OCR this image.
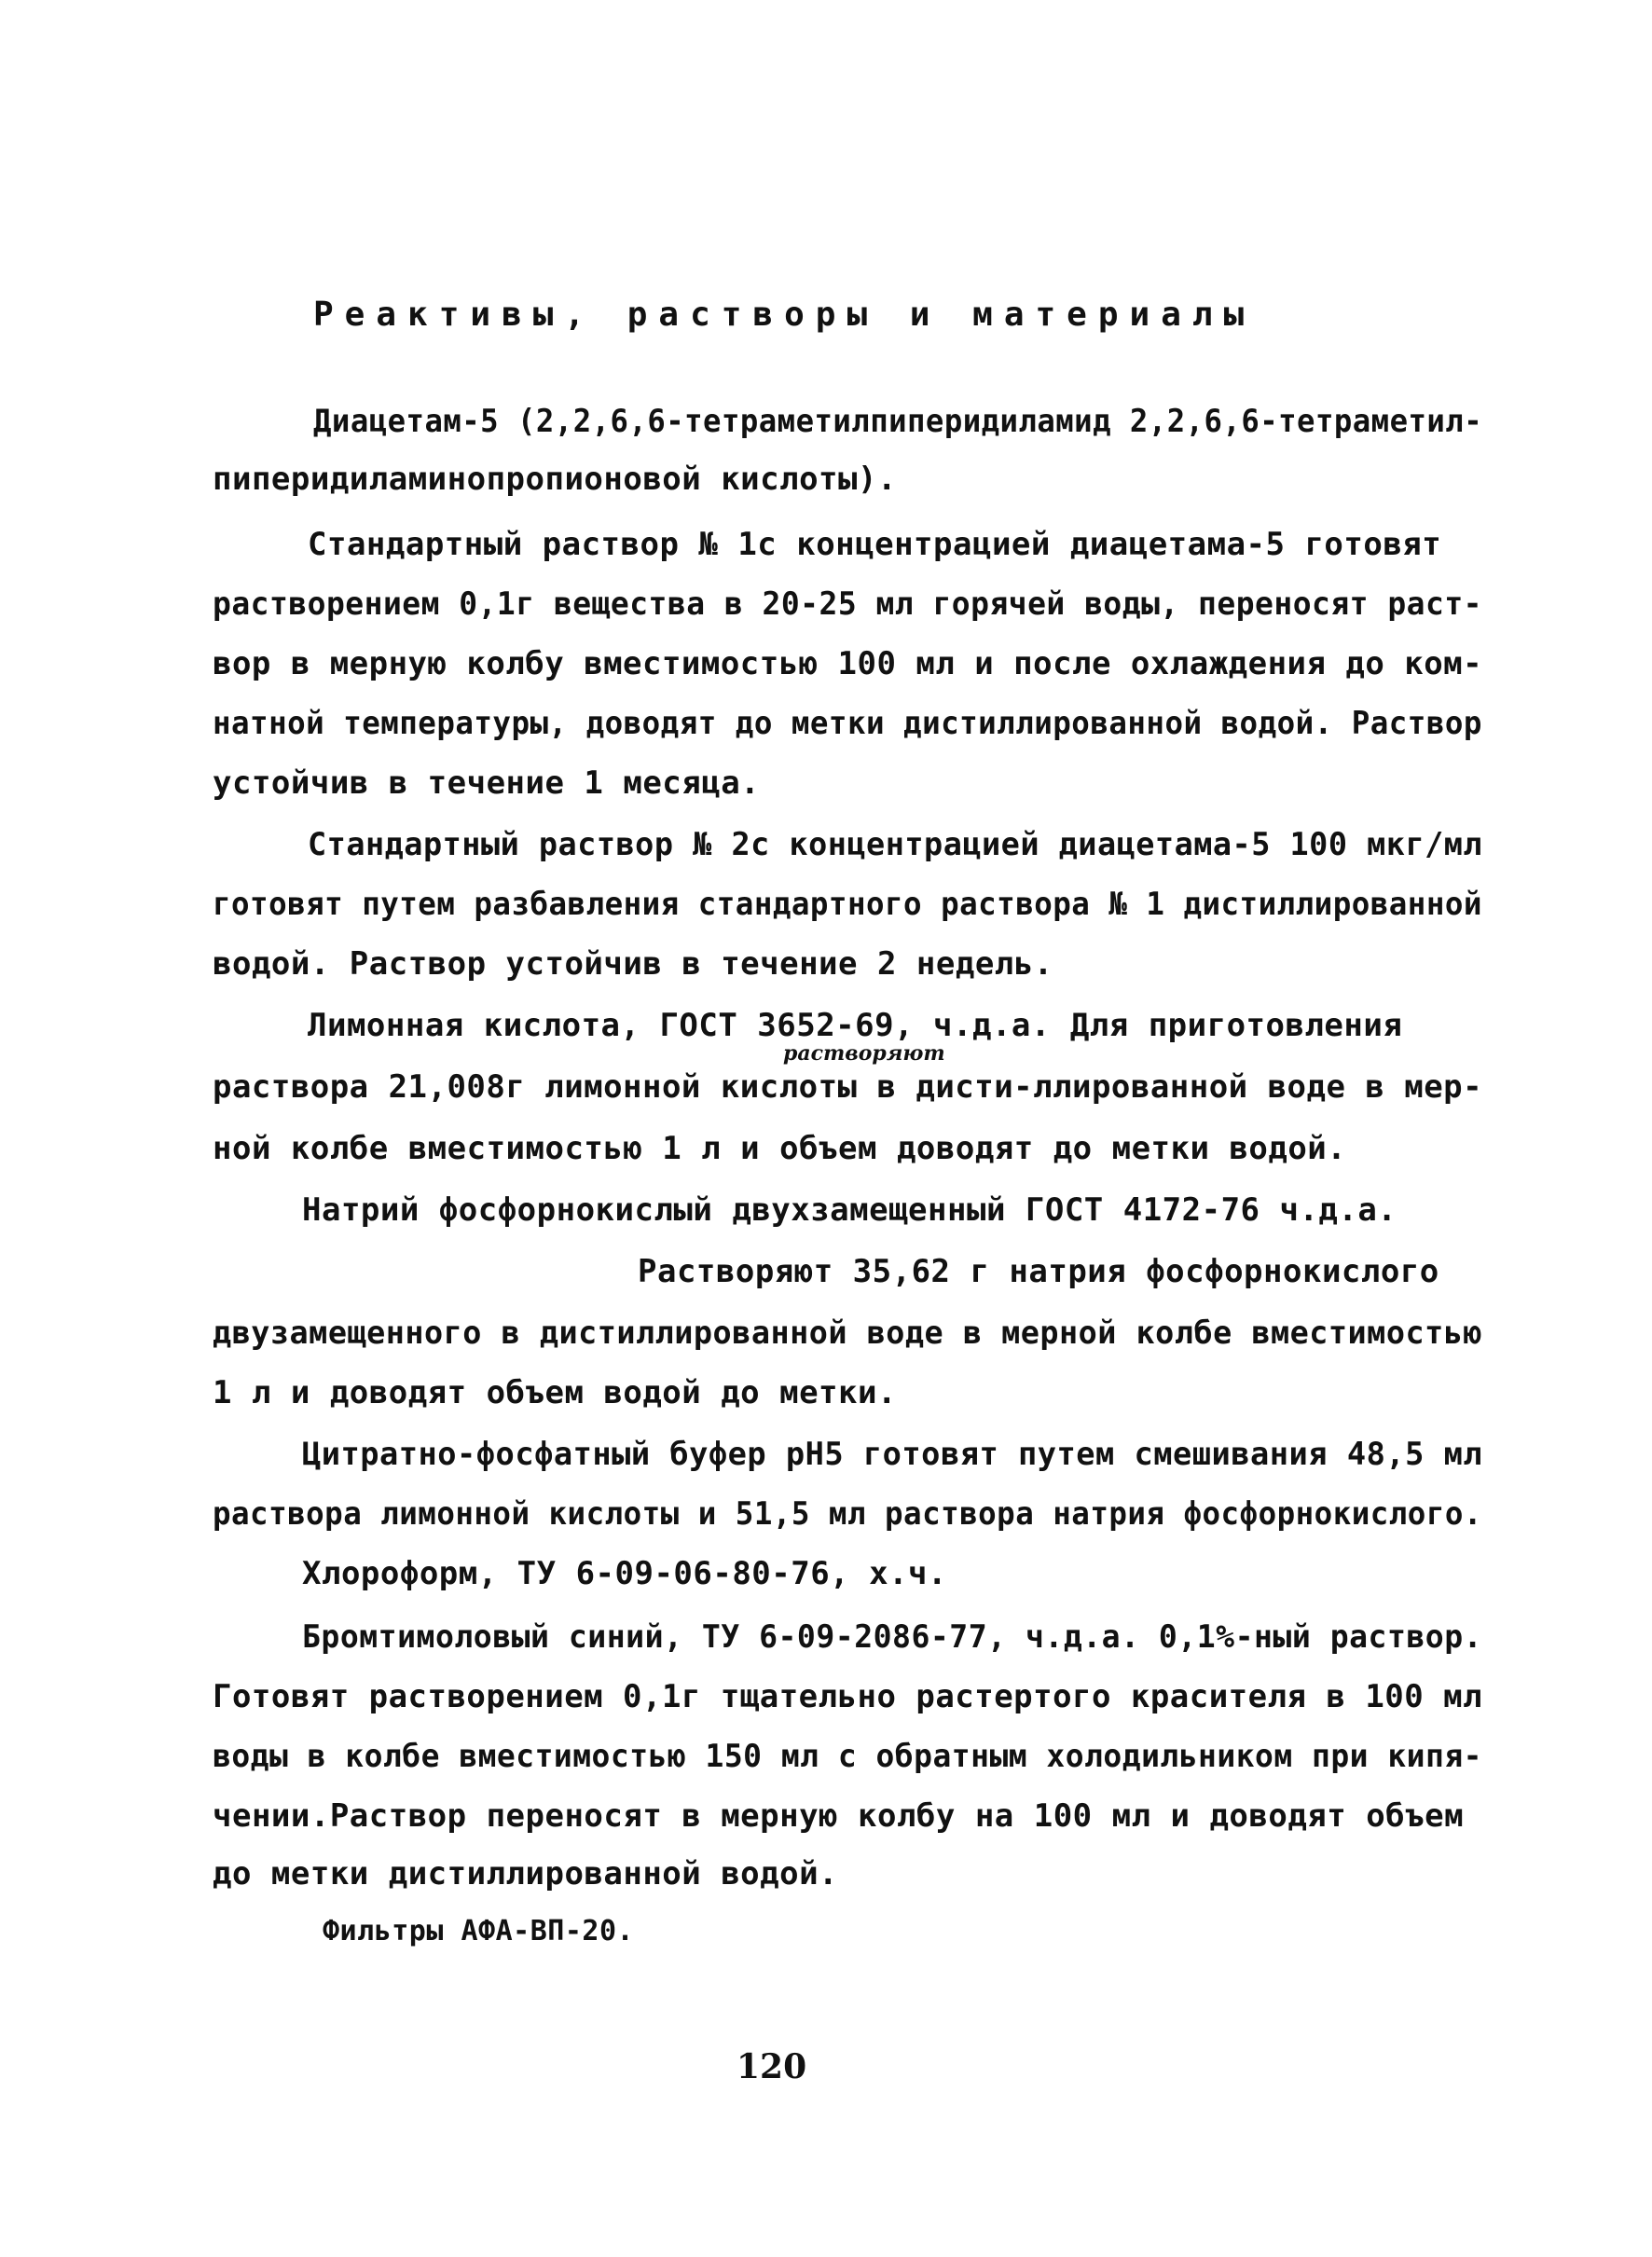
Реактивы, растворы и материалы
Диацетам-5 (2,2,6,6-тетраметилпиперидиламид 2,2,6,6-тетраметил-
пиперидиламинопропионовой кислоты).
Стандартный раствор № 1с концентрацией диацетама-5 готовят
растворением 0,1г вещества в 20-25 мл горячей воды, переносят раст-
вор в мерную колбу вместимостью 100 мл и после охлаждения до ком-
натной температуры, доводят до метки дистиллированной водой. Раствор
устойчив в течение 1 месяца.
Стандартный раствор № 2с концентрацией диацетама-5 100 мкг/мл
готовят путем разбавления стандартного раствора № 1 дистиллированной
водой. Раствор устойчив в течение 2 недель.
Лимонная кислота, ГОСТ 3652-69, ч.д.а. Для приготовления
растворяют
раствора 21,008г лимонной кислоты в дисти-ллированной воде в мер-
ной колбе вместимостью 1 л и объем доводят до метки водой.
Натрий фосфорнокислый двухзамещенный ГОСТ 4172-76 ч.д.а.
Растворяют 35,62 г натрия фосфорнокислого
двузамещенного в дистиллированной воде в мерной колбе вместимостью
1 л и доводят объем водой до метки.
Цитратно-фосфатный буфер рН5 готовят путем смешивания 48,5 мл
раствора лимонной кислоты и 51,5 мл раствора натрия фосфорнокислого.
Хлороформ, ТУ 6-09-06-80-76, х.ч.
Бромтимоловый синий, ТУ 6-09-2086-77, ч.д.а. 0,1%-ный раствор.
Готовят растворением 0,1г тщательно растертого красителя в 100 мл
воды в колбе вместимостью 150 мл с обратным холодильником при кипя-
чении.Раствор переносят в мерную колбу на 100 мл и доводят объем
до метки дистиллированной водой.
Фильтры АФА-ВП-20.
120
